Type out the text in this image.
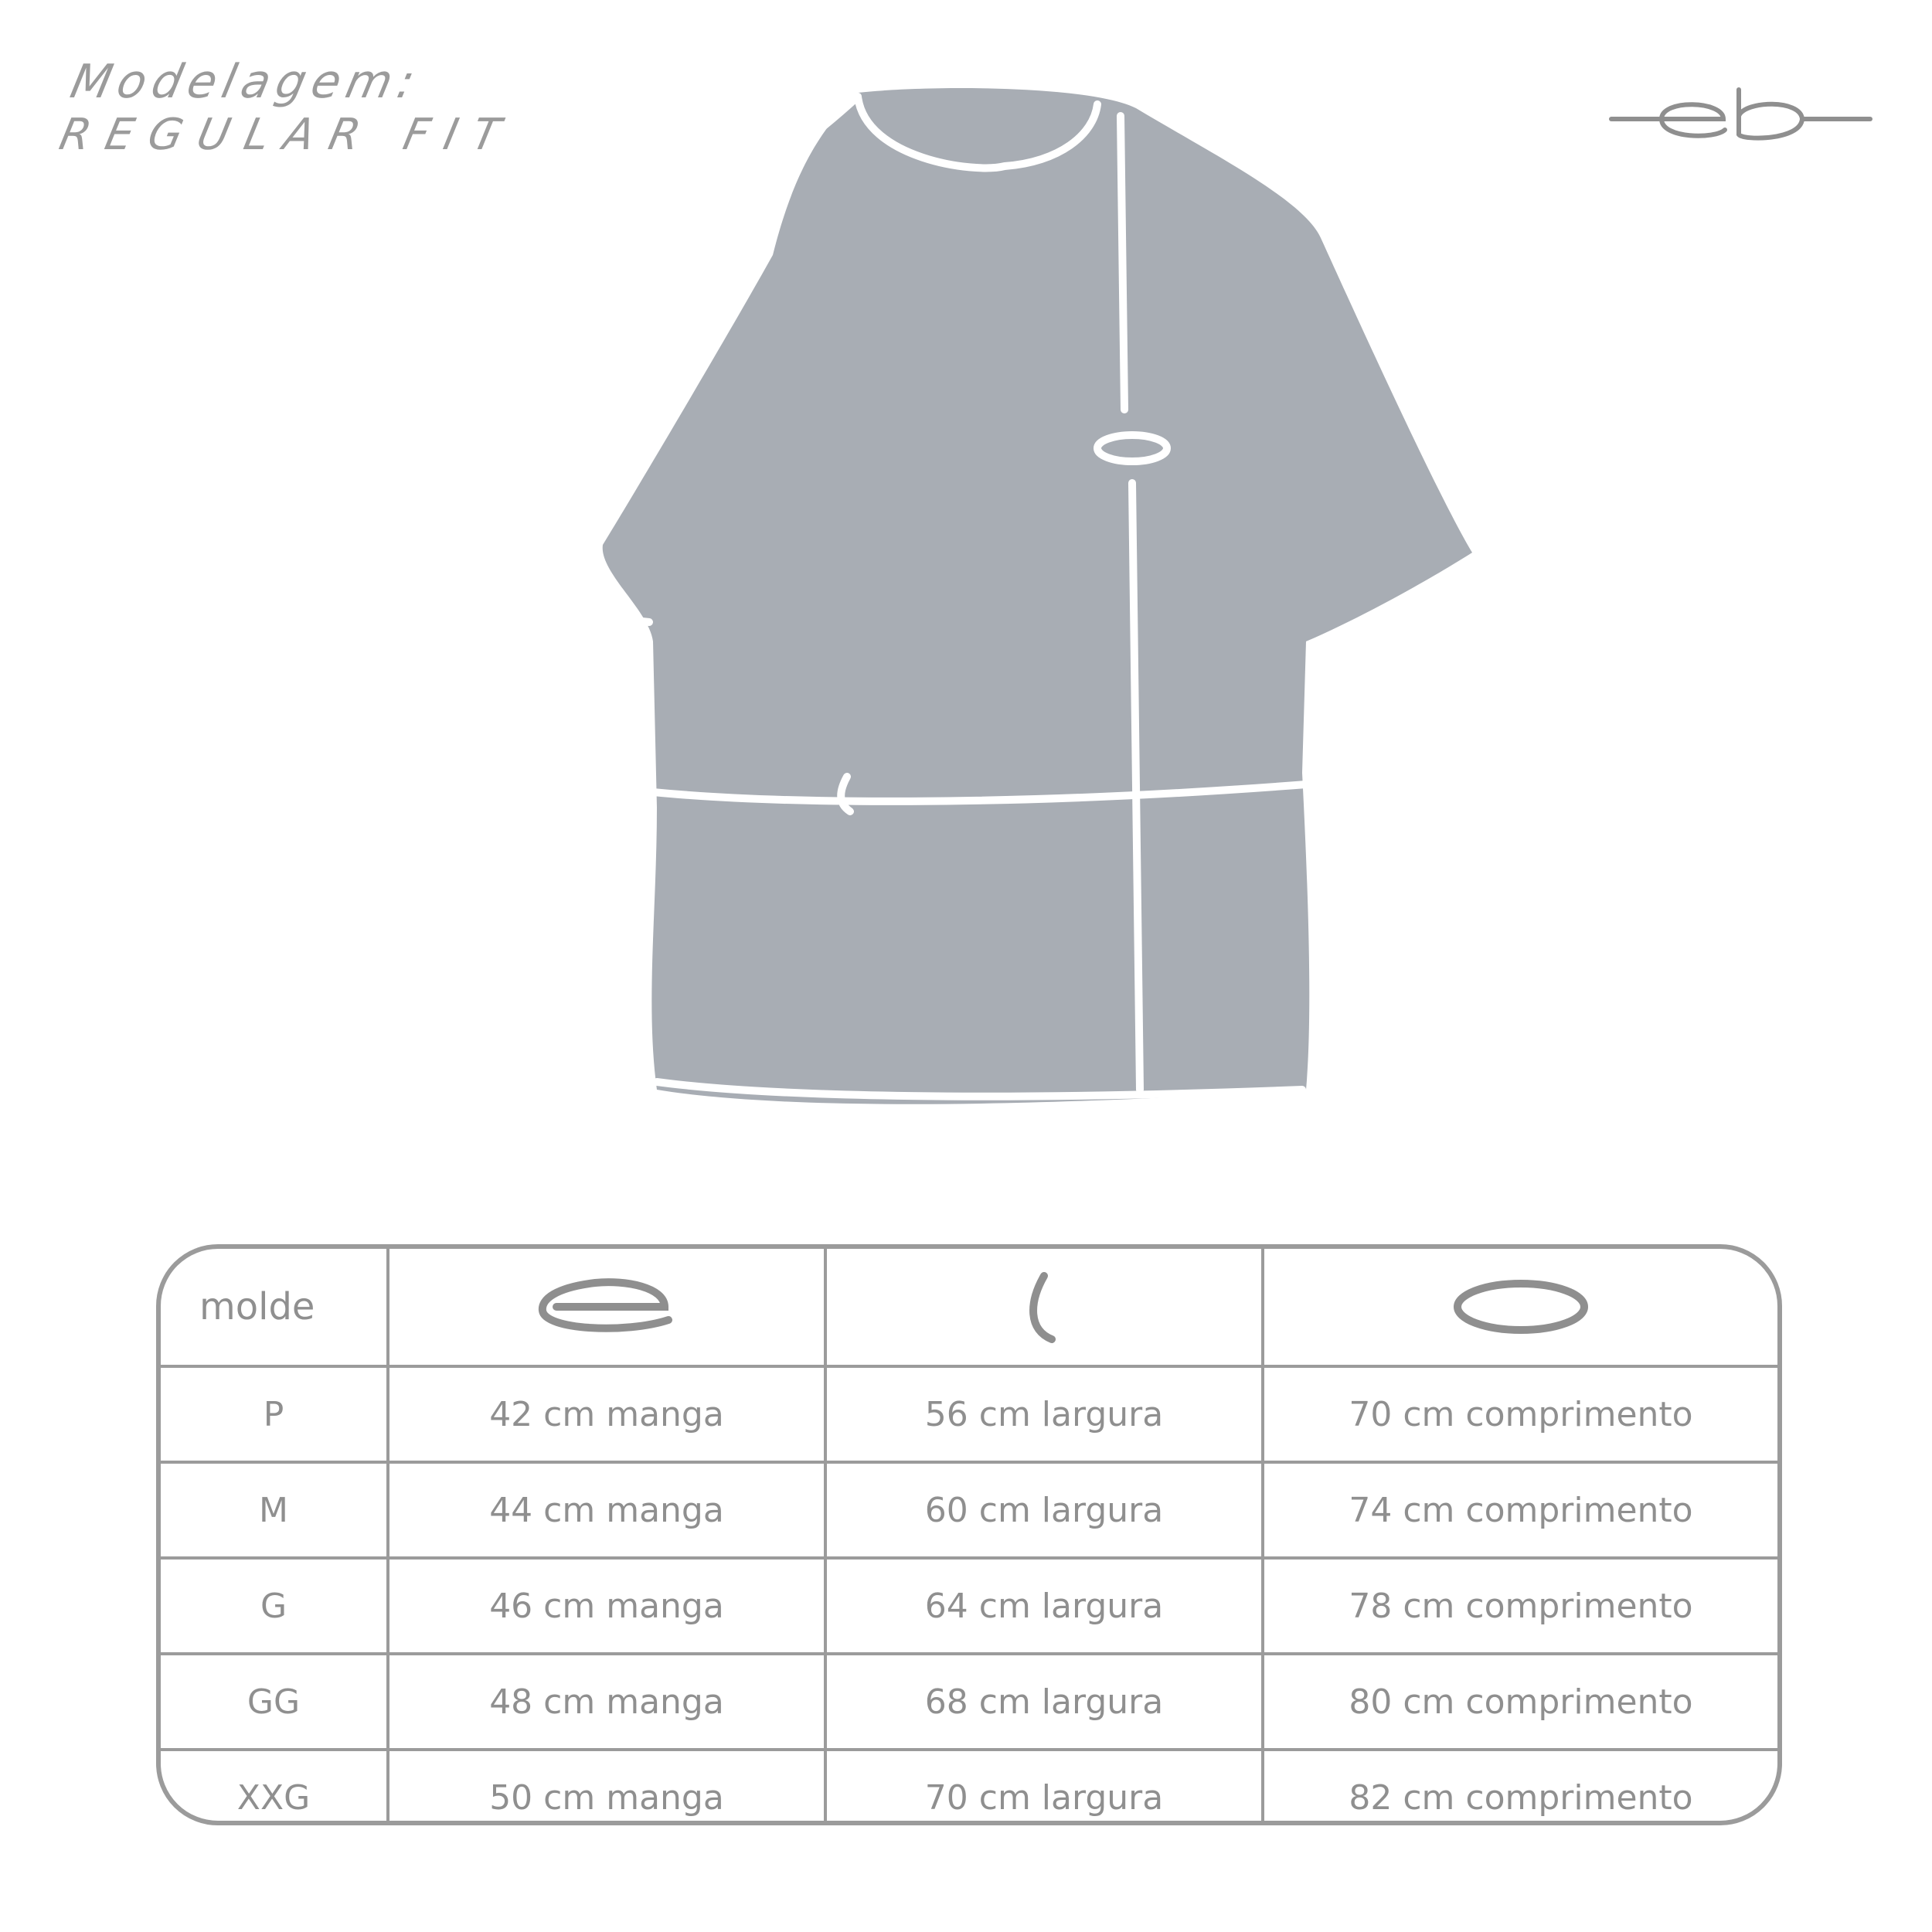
Modelagem:
REGULAR FIT
eb
molde	

P	42 cm manga	56 cm largura	70 cm comprimento
M	44 cm manga	60 cm largura	74 cm comprimento
G	46 cm manga	64 cm largura	78 cm comprimento
GG	48 cm manga	68 cm largura	80 cm comprimento
XXG	50 cm manga	70 cm largura	82 cm comprimento
